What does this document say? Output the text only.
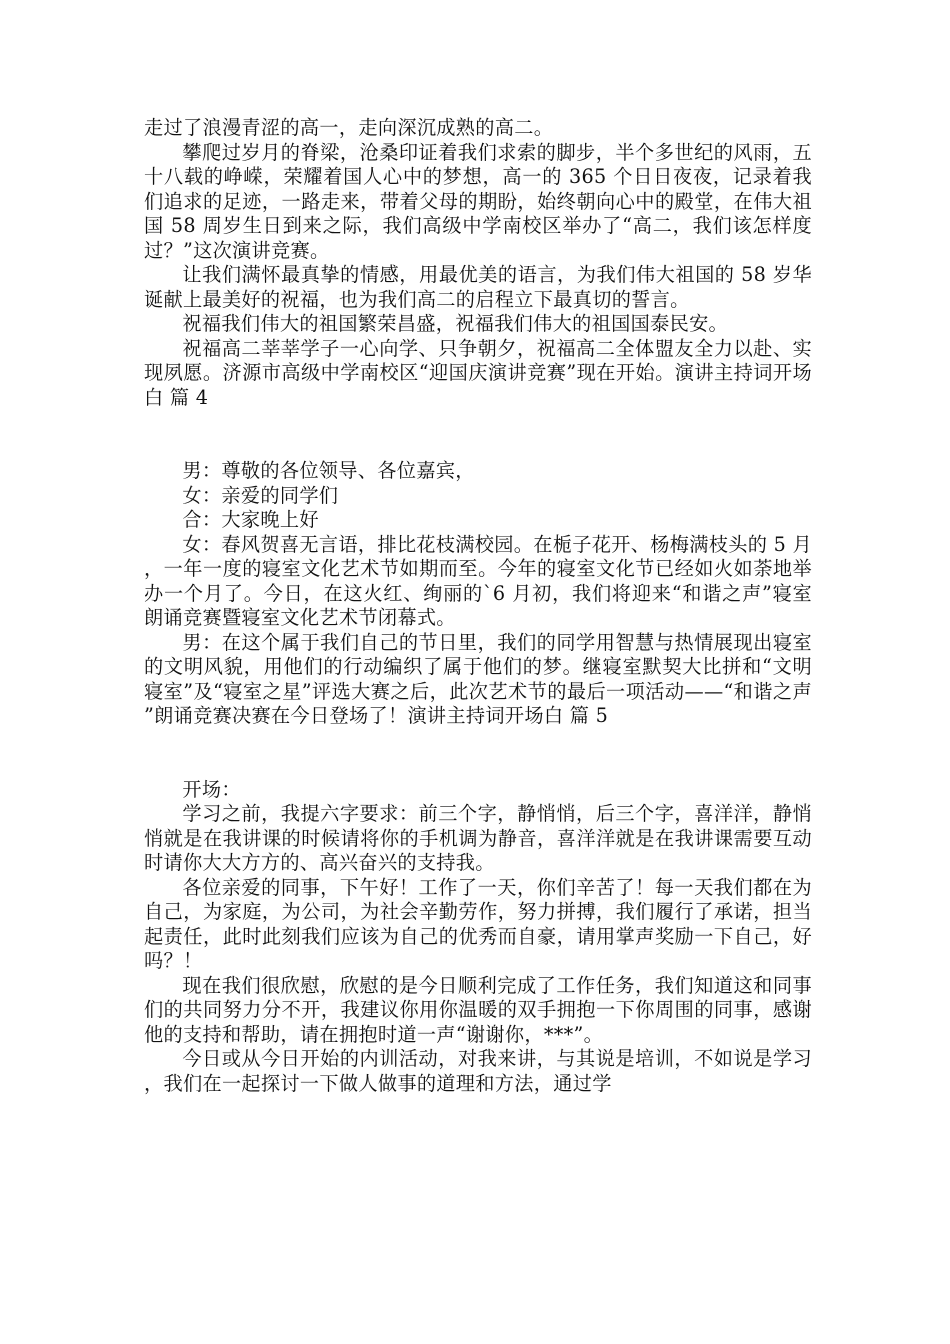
走过了浪漫青涩的高一，走向深沉成熟的高二。

攀爬过岁月的脊梁，沧桑印证着我们求索的脚步，半个多世纪的风雨，五十八载的峥嵘，荣耀着国人心中的梦想，高一的 365 个日日夜夜，记录着我们追求的足迹，一路走来，带着父母的期盼，始终朝向心中的殿堂，在伟大祖国 58 周岁生日到来之际，我们高级中学南校区举办了“高二，我们该怎样度过？”这次演讲竞赛。

让我们满怀最真挚的情感，用最优美的语言，为我们伟大祖国的 58 岁华诞献上最美好的祝福，也为我们高二的启程立下最真切的誓言。

祝福我们伟大的祖国繁荣昌盛，祝福我们伟大的祖国国泰民安。

祝福高二莘莘学子一心向学、只争朝夕，祝福高二全体盟友全力以赴、实现夙愿。济源市高级中学南校区“迎国庆演讲竞赛”现在开始。演讲主持词开场白 篇 4

男：尊敬的各位领导、各位嘉宾，

女：亲爱的同学们

合：大家晚上好

女：春风贺喜无言语，排比花枝满校园。在栀子花开、杨梅满枝头的 5 月，一年一度的寝室文化艺术节如期而至。今年的寝室文化节已经如火如荼地举办一个月了。今日，在这火红、绚丽的`6 月初，我们将迎来“和谐之声”寝室朗诵竞赛暨寝室文化艺术节闭幕式。

男：在这个属于我们自己的节日里，我们的同学用智慧与热情展现出寝室的文明风貌，用他们的行动编织了属于他们的梦。继寝室默契大比拼和“文明寝室”及“寝室之星”评选大赛之后，此次艺术节的最后一项活动——“和谐之声”朗诵竞赛决赛在今日登场了！演讲主持词开场白 篇 5

开场：

学习之前，我提六字要求：前三个字，静悄悄，后三个字，喜洋洋，静悄悄就是在我讲课的时候请将你的手机调为静音，喜洋洋就是在我讲课需要互动时请你大大方方的、高兴奋兴的支持我。

各位亲爱的同事，下午好！工作了一天，你们辛苦了！每一天我们都在为自己，为家庭，为公司，为社会辛勤劳作，努力拼搏，我们履行了承诺，担当起责任，此时此刻我们应该为自己的优秀而自豪，请用掌声奖励一下自己，好吗？！

现在我们很欣慰，欣慰的是今日顺利完成了工作任务，我们知道这和同事们的共同努力分不开，我建议你用你温暖的双手拥抱一下你周围的同事，感谢他的支持和帮助，请在拥抱时道一声“谢谢你，***”。

今日或从今日开始的内训活动，对我来讲，与其说是培训，不如说是学习，我们在一起探讨一下做人做事的道理和方法，通过学
